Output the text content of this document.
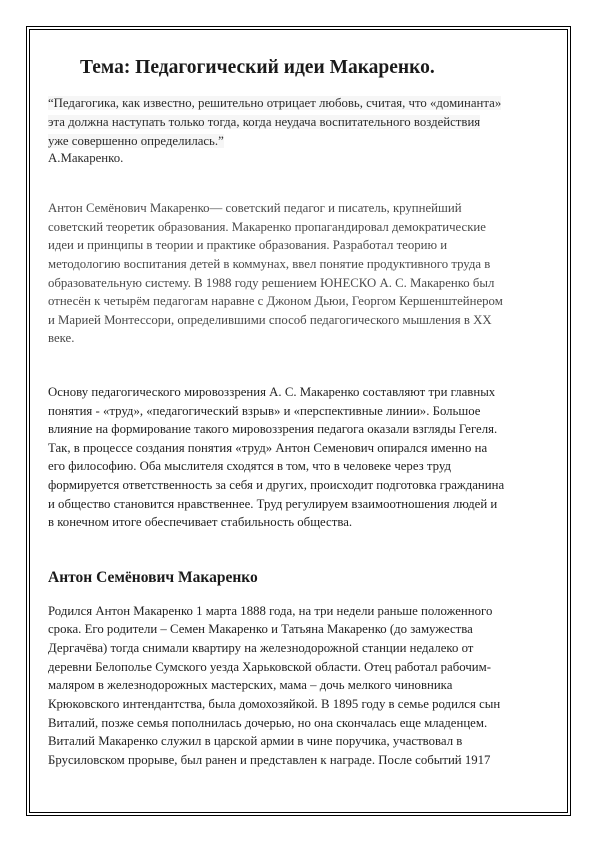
Тема: Педагогический идеи Макаренко.
“Педагогика, как известно, решительно отрицает любовь, считая, что «доминанта»
эта должна наступать только тогда, когда неудача воспитательного воздействия
уже совершенно определилась.”
А.Макаренко.
Антон Семёнович Макаренко— советский педагог и писатель, крупнейший
советский теоретик образования. Макаренко пропагандировал демократические
идеи и принципы в теории и практике образования. Разработал теорию и
методологию воспитания детей в коммунах, ввел понятие продуктивного труда в
образовательную систему. В 1988 году решением ЮНЕСКО А. С. Макаренко был
отнесён к четырём педагогам наравне с Джоном Дьюи, Георгом Кершенштейнером
и Марией Монтессори, определившими способ педагогического мышления в XX
веке.
Основу педагогического мировоззрения А. С. Макаренко составляют три главных
понятия - «труд», «педагогический взрыв» и «перспективные линии». Большое
влияние на формирование такого мировоззрения педагога оказали взгляды Гегеля.
Так, в процессе создания понятия «труд» Антон Семенович опирался именно на
его философию. Оба мыслителя сходятся в том, что в человеке через труд
формируется ответственность за себя и других, происходит подготовка гражданина
и общество становится нравственнее. Труд регулируем взаимоотношения людей и
в конечном итоге обеспечивает стабильность общества.
Антон Семёнович Макаренко
Родился Антон Макаренко 1 марта 1888 года, на три недели раньше положенного
срока. Его родители – Семен Макаренко и Татьяна Макаренко (до замужества
Дергачёва) тогда снимали квартиру на железнодорожной станции недалеко от
деревни Белополье Сумского уезда Харьковской области. Отец работал рабочим-
маляром в железнодорожных мастерских, мама – дочь мелкого чиновника
Крюковского интендантства, была домохозяйкой. В 1895 году в семье родился сын
Виталий, позже семья пополнилась дочерью, но она скончалась еще младенцем.
Виталий Макаренко служил в царской армии в чине поручика, участвовал в
Брусиловском прорыве, был ранен и представлен к награде. После событий 1917
